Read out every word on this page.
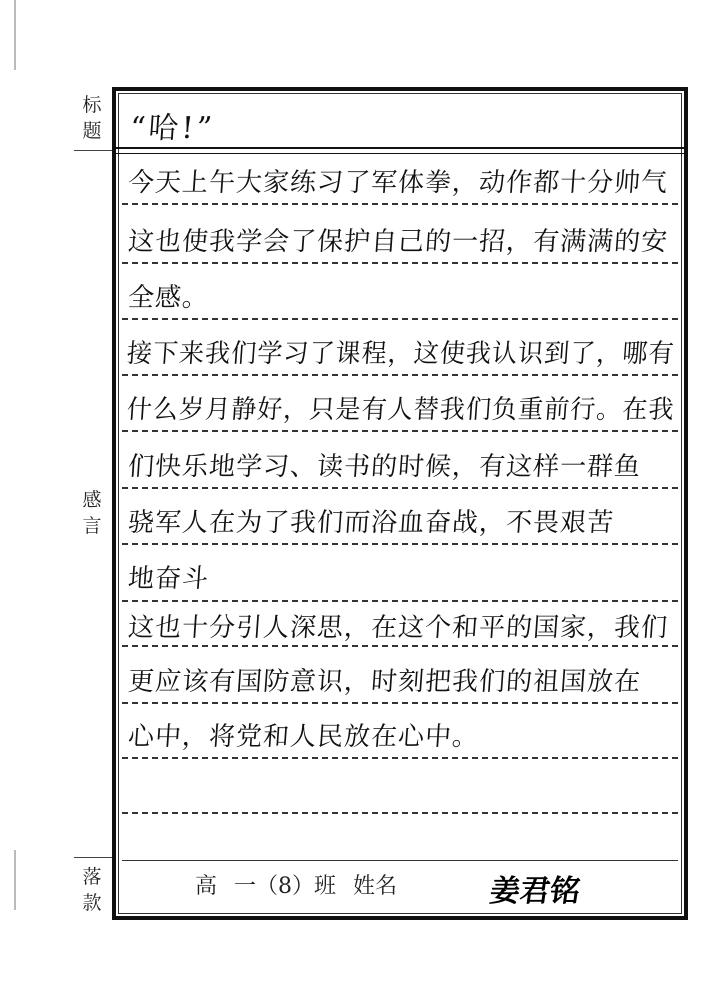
标
题
感
言
落
款
“哈!”
今天上午大家练习了军体拳，动作都十分帅气
这也使我学会了保护自己的一招，有满满的安
全感。
接下来我们学习了课程，这使我认识到了，哪有
什么岁月静好，只是有人替我们负重前行。在我
们快乐地学习、读书的时候，有这样一群鱼
骁军人在为了我们而浴血奋战，不畏艰苦
地奋斗
这也十分引人深思，在这个和平的国家，我们
更应该有国防意识，时刻把我们的祖国放在
心中，将党和人民放在心中。
高 一（8）班 姓名	姜君铭
